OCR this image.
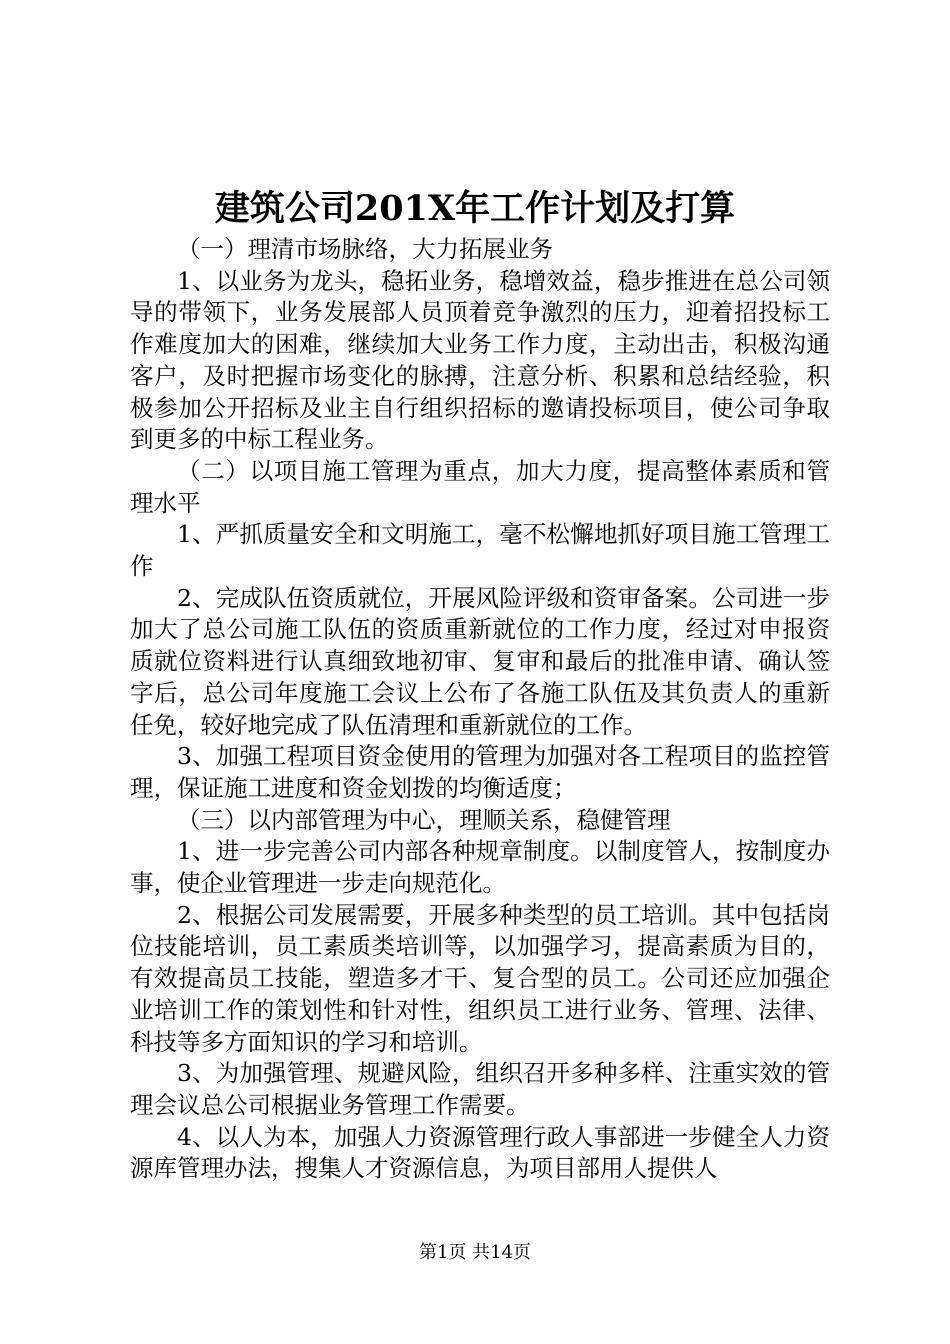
建筑公司201X年工作计划及打算

（一）理清市场脉络，大力拓展业务

1、以业务为龙头，稳拓业务，稳增效益，稳步推进在总公司领导的带领下，业务发展部人员顶着竞争激烈的压力，迎着招投标工作难度加大的困难，继续加大业务工作力度，主动出击，积极沟通客户，及时把握市场变化的脉搏，注意分析、积累和总结经验，积极参加公开招标及业主自行组织招标的邀请投标项目，使公司争取到更多的中标工程业务。

（二）以项目施工管理为重点，加大力度，提高整体素质和管理水平

1、严抓质量安全和文明施工，毫不松懈地抓好项目施工管理工作

2、完成队伍资质就位，开展风险评级和资审备案。公司进一步加大了总公司施工队伍的资质重新就位的工作力度，经过对申报资质就位资料进行认真细致地初审、复审和最后的批准申请、确认签字后，总公司年度施工会议上公布了各施工队伍及其负责人的重新任免，较好地完成了队伍清理和重新就位的工作。

3、加强工程项目资金使用的管理为加强对各工程项目的监控管理，保证施工进度和资金划拨的均衡适度；

（三）以内部管理为中心，理顺关系，稳健管理

1、进一步完善公司内部各种规章制度。以制度管人，按制度办事，使企业管理进一步走向规范化。

2、根据公司发展需要，开展多种类型的员工培训。其中包括岗位技能培训，员工素质类培训等，以加强学习，提高素质为目的，有效提高员工技能，塑造多才干、复合型的员工。公司还应加强企业培训工作的策划性和针对性，组织员工进行业务、管理、法律、科技等多方面知识的学习和培训。

3、为加强管理、规避风险，组织召开多种多样、注重实效的管理会议总公司根据业务管理工作需要。

4、以人为本，加强人力资源管理行政人事部进一步健全人力资源库管理办法，搜集人才资源信息，为项目部用人提供人

第1页 共14页
